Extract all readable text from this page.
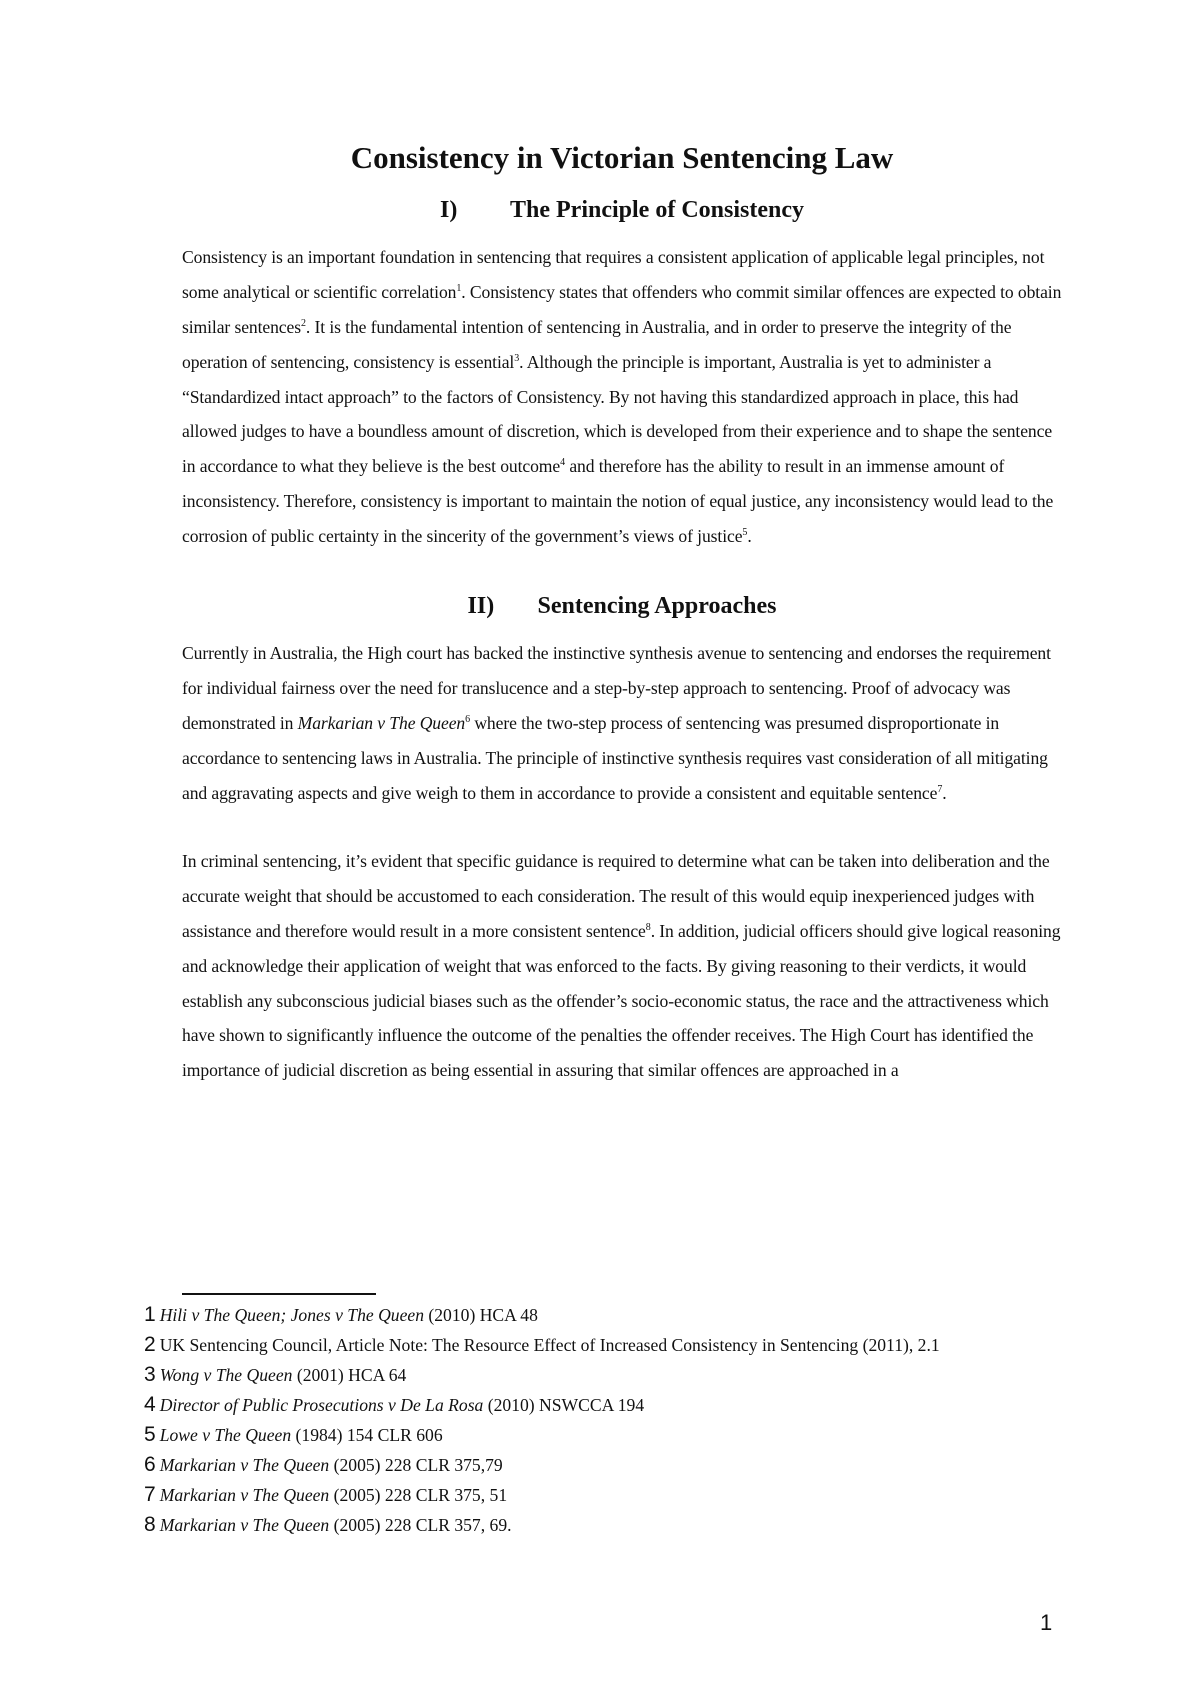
Consistency in Victorian Sentencing Law
I) The Principle of Consistency

Consistency is an important foundation in sentencing that requires a consistent application of applicable legal principles, not some analytical or scientific correlation$^1$. Consistency states that offenders who commit similar offences are expected to obtain similar sentences$^2$. It is the fundamental intention of sentencing in Australia, and in order to preserve the integrity of the operation of sentencing, consistency is essential$^3$. Although the principle is important, Australia is yet to administer a “Standardized intact approach” to the factors of Consistency. By not having this standardized approach in place, this had allowed judges to have a boundless amount of discretion, which is developed from their experience and to shape the sentence in accordance to what they believe is the best outcome$^4$ and therefore has the ability to result in an immense amount of inconsistency. Therefore, consistency is important to maintain the notion of equal justice, any inconsistency would lead to the corrosion of public certainty in the sincerity of the government’s views of justice$^5$.

II) Sentencing Approaches

Currently in Australia, the High court has backed the instinctive synthesis avenue to sentencing and endorses the requirement for individual fairness over the need for translucence and a step-by-step approach to sentencing. Proof of advocacy was demonstrated in Markarian v The Queen$^6$ where the two-step process of sentencing was presumed disproportionate in accordance to sentencing laws in Australia. The principle of instinctive synthesis requires vast consideration of all mitigating and aggravating aspects and give weigh to them in accordance to provide a consistent and equitable sentence$^7$.

In criminal sentencing, it’s evident that specific guidance is required to determine what can be taken into deliberation and the accurate weight that should be accustomed to each consideration. The result of this would equip inexperienced judges with assistance and therefore would result in a more consistent sentence$^8$. In addition, judicial officers should give logical reasoning and acknowledge their application of weight that was enforced to the facts. By giving reasoning to their verdicts, it would establish any subconscious judicial biases such as the offender’s socio-economic status, the race and the attractiveness which have shown to significantly influence the outcome of the penalties the offender receives. The High Court has identified the importance of judicial discretion as being essential in assuring that similar offences are approached in a

1 Hili v The Queen; Jones v The Queen (2010) HCA 48
2 UK Sentencing Council, Article Note: The Resource Effect of Increased Consistency in Sentencing (2011), 2.1
3 Wong v The Queen (2001) HCA 64
4 Director of Public Prosecutions v De La Rosa (2010) NSWCCA 194
5 Lowe v The Queen (1984) 154 CLR 606
6 Markarian v The Queen (2005) 228 CLR 375,79
7 Markarian v The Queen (2005) 228 CLR 375, 51
8 Markarian v The Queen (2005) 228 CLR 357, 69.
1
